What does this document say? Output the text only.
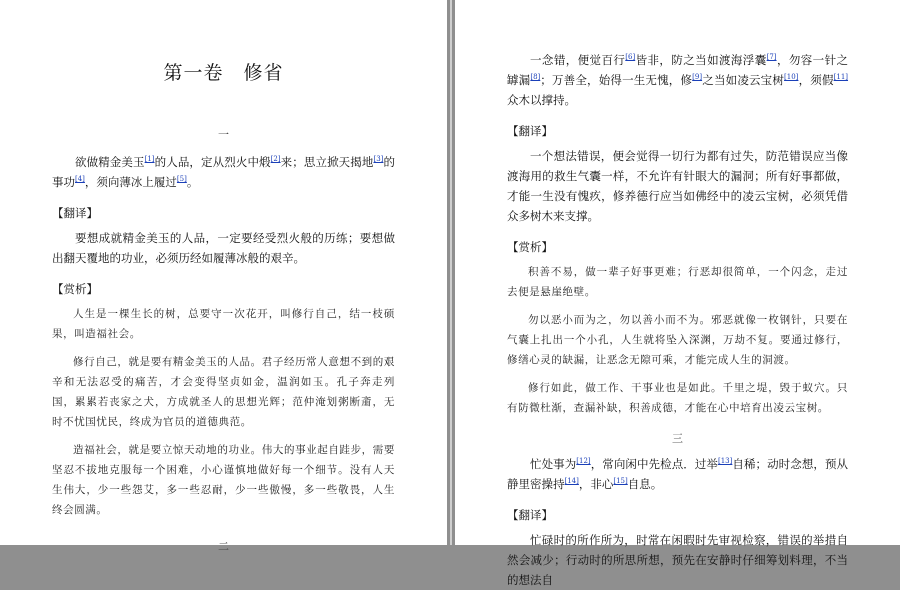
第一卷　修省

一

欲做精金美玉[1]的人品，定从烈火中煅[2]来；思立掀天揭地[3]的事功[4]，须向薄冰上履过[5]。

【翻译】

要想成就精金美玉的人品，一定要经受烈火般的历练；要想做出翻天覆地的功业，必须历经如履薄冰般的艰辛。

【赏析】

人生是一棵生长的树，总要守一次花开，叫修行自己，结一枝硕果，叫造福社会。

修行自己，就是要有精金美玉的人品。君子经历常人意想不到的艰辛和无法忍受的痛苦，才会变得坚贞如金，温润如玉。孔子奔走列国，累累若丧家之犬，方成就圣人的思想光辉；范仲淹划粥断齑，无时不忧国忧民，终成为官员的道德典范。

造福社会，就是要立惊天动地的功业。伟大的事业起自跬步，需要坚忍不拔地克服每一个困难，小心谨慎地做好每一个细节。没有人天生伟大，少一些怨艾，多一些忍耐，少一些傲慢，多一些敬畏，人生终会圆满。

二

一念错，便觉百行[6]皆非，防之当如渡海浮囊[7]，勿容一针之罅漏[8]；万善全，始得一生无愧，修[9]之当如凌云宝树[10]，须假[11]众木以撑持。

【翻译】

一个想法错误，便会觉得一切行为都有过失，防范错误应当像渡海用的救生气囊一样，不允许有针眼大的漏洞；所有好事都做，才能一生没有愧疚，修养德行应当如佛经中的凌云宝树，必须凭借众多树木来支撑。

【赏析】

积善不易，做一辈子好事更难；行恶却很简单，一个闪念，走过去便是悬崖绝壁。

勿以恶小而为之，勿以善小而不为。邪恶就像一枚钢针，只要在气囊上扎出一个小孔，人生就将坠入深渊，万劫不复。要通过修行，修缮心灵的缺漏，让恶念无隙可乘，才能完成人生的洞渡。

修行如此，做工作、干事业也是如此。千里之堤，毁于蚁穴。只有防微杜渐，查漏补缺，积善成德，才能在心中培育出凌云宝树。

三

忙处事为[12]，常向闲中先检点．过举[13]自稀；动时念想，预从静里密操持[14]，非心[15]自息。

【翻译】

忙碌时的所作所为，时常在闲暇时先审视检察，错误的举措自然会减少；行动时的所思所想，预先在安静时仔细筹划料理，不当的想法自
